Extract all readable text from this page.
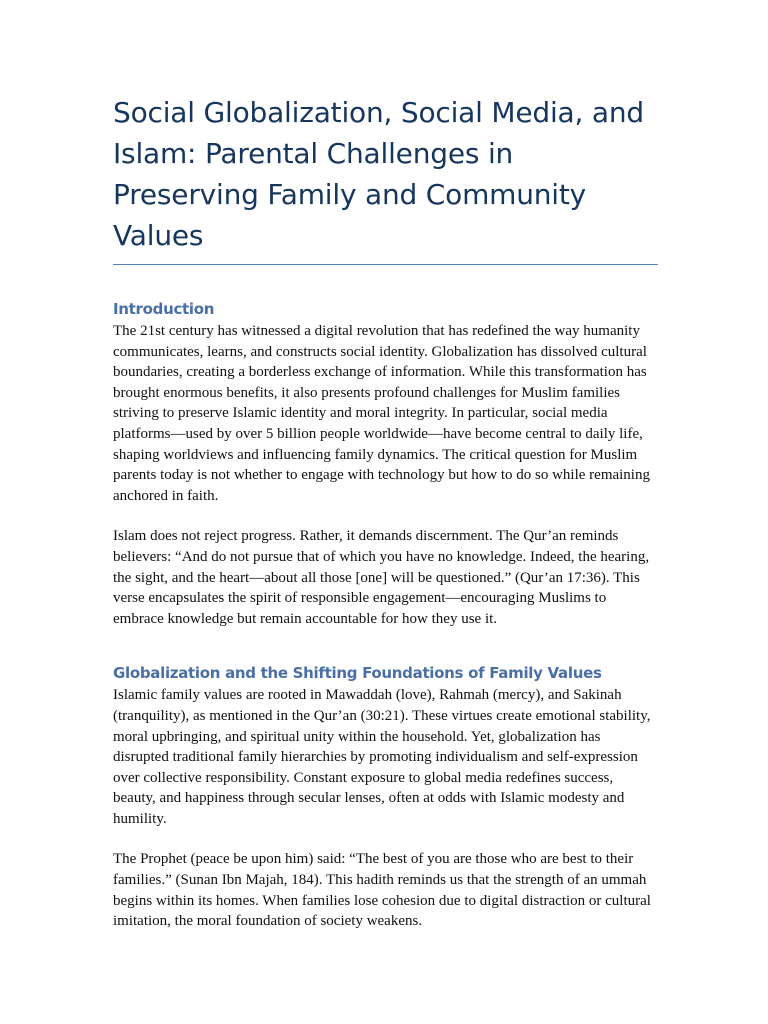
Social Globalization, Social Media, and Islam: Parental Challenges in Preserving Family and Community Values
Introduction

The 21st century has witnessed a digital revolution that has redefined the way humanity communicates, learns, and constructs social identity. Globalization has dissolved cultural boundaries, creating a borderless exchange of information. While this transformation has brought enormous benefits, it also presents profound challenges for Muslim families striving to preserve Islamic identity and moral integrity. In particular, social media platforms—used by over 5 billion people worldwide—have become central to daily life, shaping worldviews and influencing family dynamics. The critical question for Muslim parents today is not whether to engage with technology but how to do so while remaining anchored in faith.

Islam does not reject progress. Rather, it demands discernment. The Qur’an reminds believers: “And do not pursue that of which you have no knowledge. Indeed, the hearing, the sight, and the heart—about all those [one] will be questioned.” (Qur’an 17:36). This verse encapsulates the spirit of responsible engagement—encouraging Muslims to embrace knowledge but remain accountable for how they use it.

Globalization and the Shifting Foundations of Family Values

Islamic family values are rooted in Mawaddah (love), Rahmah (mercy), and Sakinah (tranquility), as mentioned in the Qur’an (30:21). These virtues create emotional stability, moral upbringing, and spiritual unity within the household. Yet, globalization has disrupted traditional family hierarchies by promoting individualism and self-expression over collective responsibility. Constant exposure to global media redefines success, beauty, and happiness through secular lenses, often at odds with Islamic modesty and humility.

The Prophet (peace be upon him) said: “The best of you are those who are best to their families.” (Sunan Ibn Majah, 184). This hadith reminds us that the strength of an ummah begins within its homes. When families lose cohesion due to digital distraction or cultural imitation, the moral foundation of society weakens.
